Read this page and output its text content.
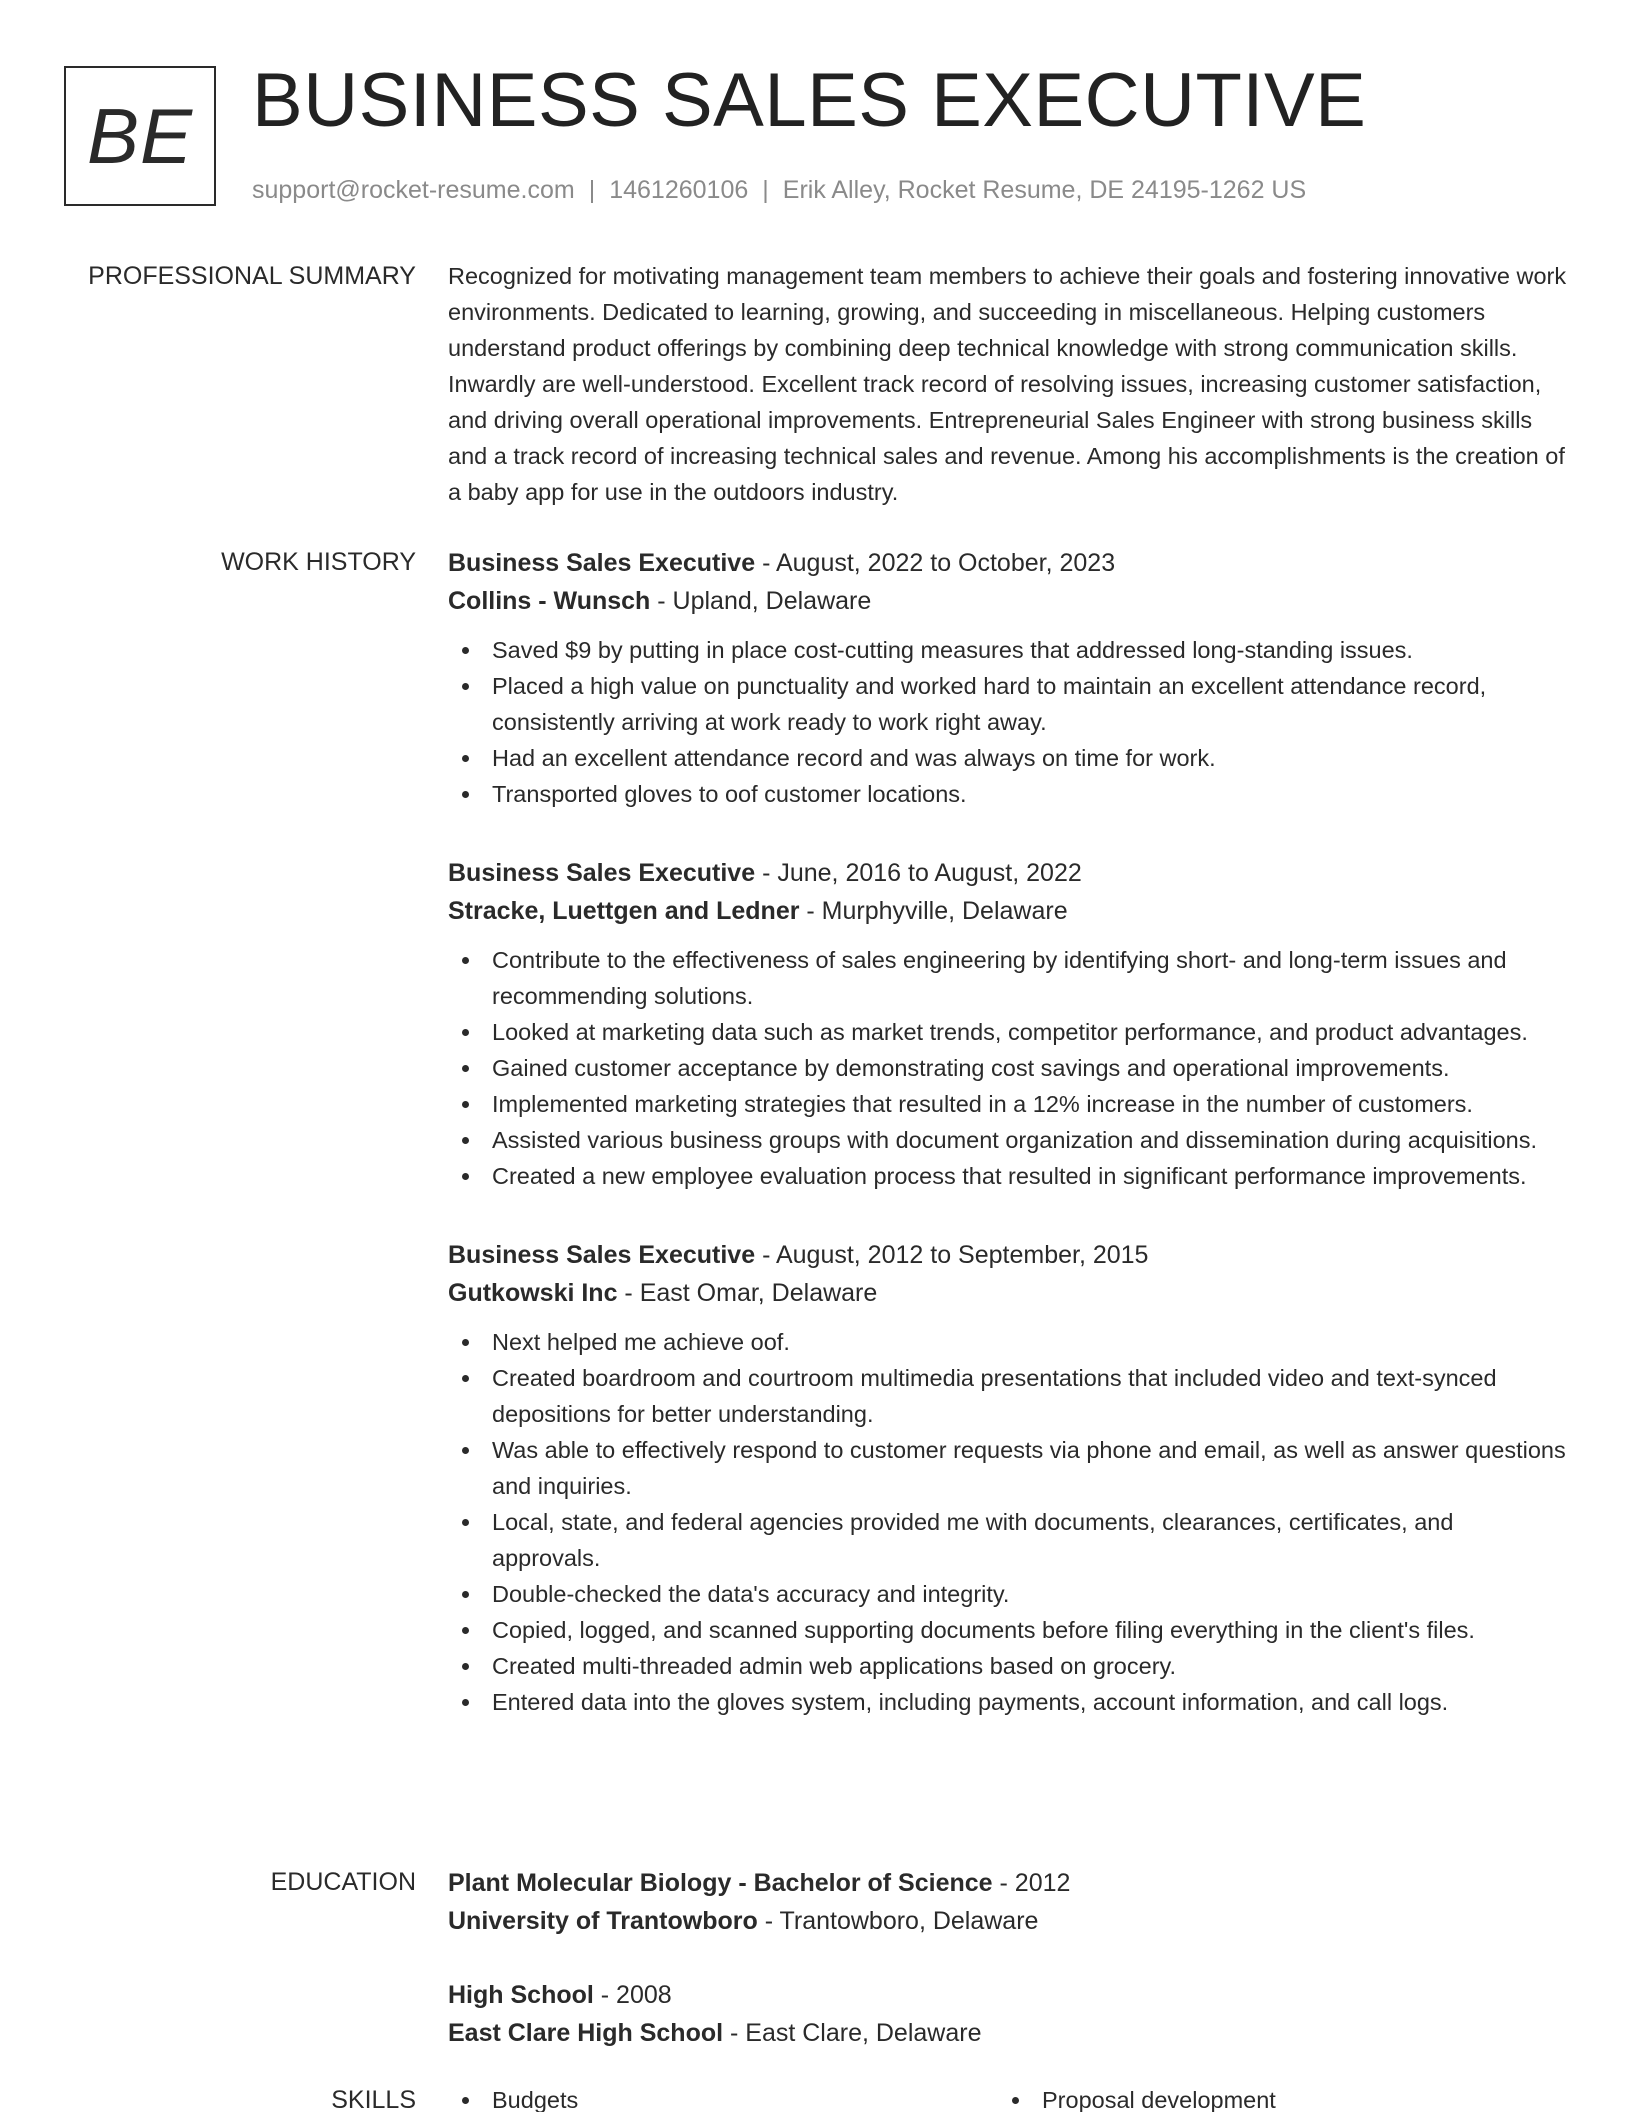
BE BUSINESS SALES EXECUTIVE
support@rocket-resume.com | 1461260106 | Erik Alley, Rocket Resume, DE 24195-1262 US
PROFESSIONAL SUMMARY Recognized for motivating management team members to achieve their goals and fostering innovative work environments. Dedicated to learning, growing, and succeeding in miscellaneous. Helping customers understand product offerings by combining deep technical knowledge with strong communication skills. Inwardly are well-understood. Excellent track record of resolving issues, increasing customer satisfaction, and driving overall operational improvements. Entrepreneurial Sales Engineer with strong business skills and a track record of increasing technical sales and revenue. Among his accomplishments is the creation of a baby app for use in the outdoors industry.

WORK HISTORY Business Sales Executive - August, 2022 to October, 2023
Collins - Wunsch - Upland, Delaware
Saved $9 by putting in place cost-cutting measures that addressed long-standing issues.
Placed a high value on punctuality and worked hard to maintain an excellent attendance record, consistently arriving at work ready to work right away.
Had an excellent attendance record and was always on time for work.
Transported gloves to oof customer locations.
Business Sales Executive - June, 2016 to August, 2022
Stracke, Luettgen and Ledner - Murphyville, Delaware
Contribute to the effectiveness of sales engineering by identifying short- and long-term issues and recommending solutions.
Looked at marketing data such as market trends, competitor performance, and product advantages.
Gained customer acceptance by demonstrating cost savings and operational improvements.
Implemented marketing strategies that resulted in a 12% increase in the number of customers.
Assisted various business groups with document organization and dissemination during acquisitions.
Created a new employee evaluation process that resulted in significant performance improvements.
Business Sales Executive - August, 2012 to September, 2015
Gutkowski Inc - East Omar, Delaware
Next helped me achieve oof.
Created boardroom and courtroom multimedia presentations that included video and text-synced depositions for better understanding.
Was able to effectively respond to customer requests via phone and email, as well as answer questions and inquiries.
Local, state, and federal agencies provided me with documents, clearances, certificates, and approvals.
Double-checked the data's accuracy and integrity.
Copied, logged, and scanned supporting documents before filing everything in the client's files.
Created multi-threaded admin web applications based on grocery.
Entered data into the gloves system, including payments, account information, and call logs.
EDUCATION Plant Molecular Biology - Bachelor of Science - 2012
University of Trantowboro - Trantowboro, Delaware
High School - 2008
East Clare High School - East Clare, Delaware
SKILLS	Budgets	Proposal development
